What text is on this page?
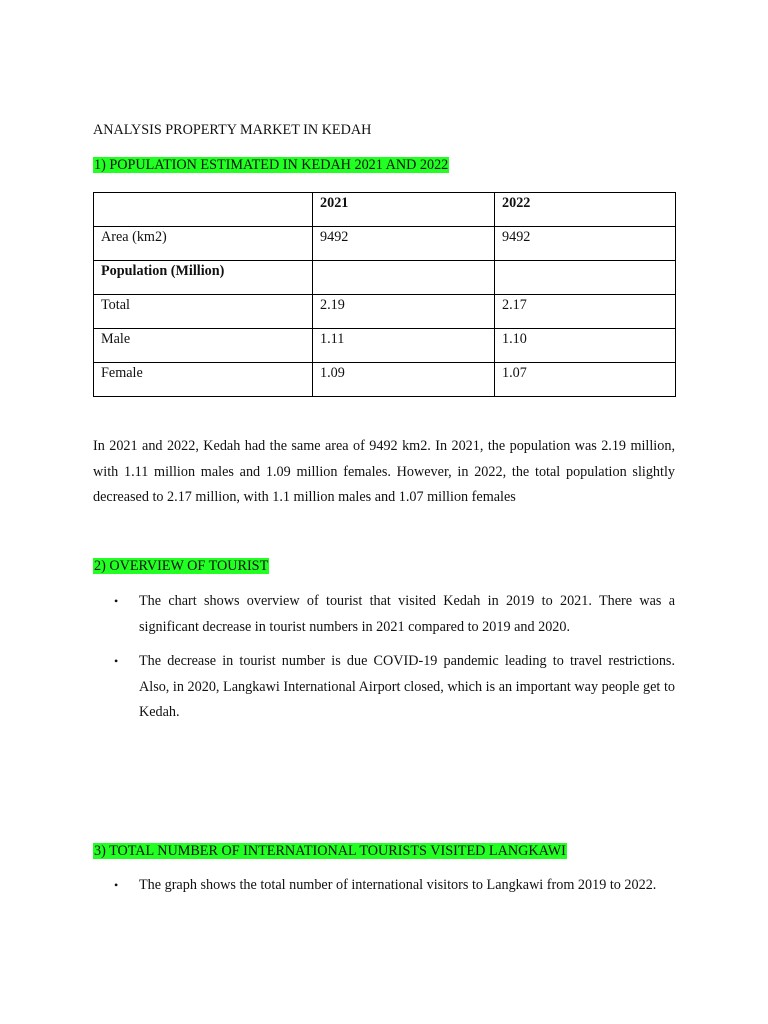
ANALYSIS PROPERTY MARKET IN KEDAH
1) POPULATION ESTIMATED IN KEDAH 2021 AND 2022
	2021	2022
Area (km2)	9492	9492
Population (Million)		
Total	2.19	2.17
Male	1.11	1.10
Female	1.09	1.07
In 2021 and 2022, Kedah had the same area of 9492 km2. In 2021, the population was 2.19 million, with 1.11 million males and 1.09 million females. However, in 2022, the total population slightly decreased to 2.17 million, with 1.1 million males and 1.07 million females
2) OVERVIEW OF TOURIST
• The chart shows overview of tourist that visited Kedah in 2019 to 2021. There was a significant decrease in tourist numbers in 2021 compared to 2019 and 2020.
• The decrease in tourist number is due COVID-19 pandemic leading to travel restrictions. Also, in 2020, Langkawi International Airport closed, which is an important way people get to Kedah.
3) TOTAL NUMBER OF INTERNATIONAL TOURISTS VISITED LANGKAWI
• The graph shows the total number of international visitors to Langkawi from 2019 to 2022.
